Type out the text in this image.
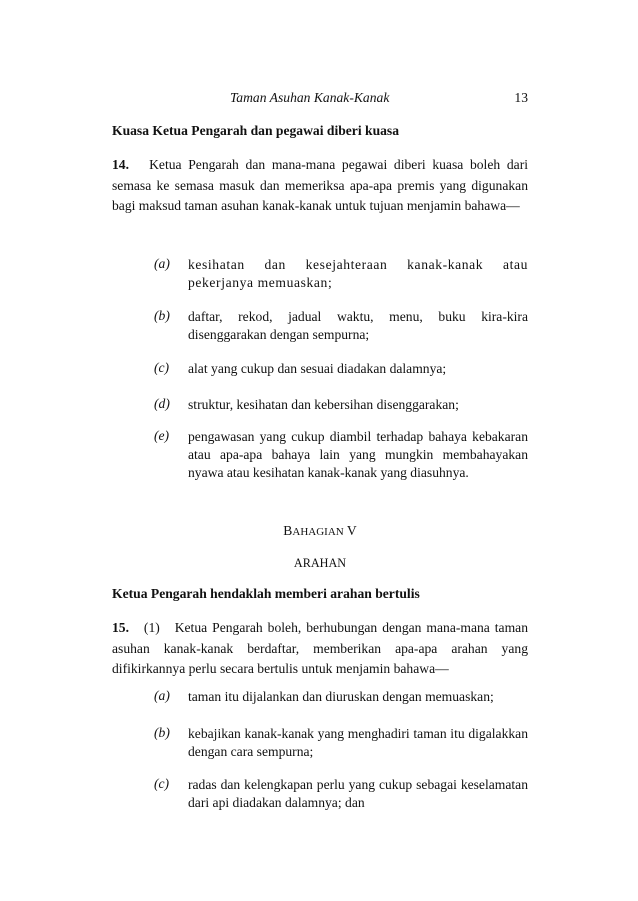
Taman Asuhan Kanak-Kanak	13
Kuasa Ketua Pengarah dan pegawai diberi kuasa
14. Ketua Pengarah dan mana-mana pegawai diberi kuasa boleh dari semasa ke semasa masuk dan memeriksa apa-apa premis yang digunakan bagi maksud taman asuhan kanak-kanak untuk tujuan menjamin bahawa—
(a) kesihatan dan kesejahteraan kanak-kanak atau pekerjanya memuaskan;
(b) daftar, rekod, jadual waktu, menu, buku kira-kira disenggarakan dengan sempurna;
(c) alat yang cukup dan sesuai diadakan dalamnya;
(d) struktur, kesihatan dan kebersihan disenggarakan;
(e) pengawasan yang cukup diambil terhadap bahaya kebakaran atau apa-apa bahaya lain yang mungkin membahayakan nyawa atau kesihatan kanak-kanak yang diasuhnya.
BAHAGIAN V
ARAHAN
Ketua Pengarah hendaklah memberi arahan bertulis
15. (1) Ketua Pengarah boleh, berhubungan dengan mana-mana taman asuhan kanak-kanak berdaftar, memberikan apa-apa arahan yang difikirkannya perlu secara bertulis untuk menjamin bahawa—
(a) taman itu dijalankan dan diuruskan dengan memuaskan;
(b) kebajikan kanak-kanak yang menghadiri taman itu digalakkan dengan cara sempurna;
(c) radas dan kelengkapan perlu yang cukup sebagai keselamatan dari api diadakan dalamnya; dan
